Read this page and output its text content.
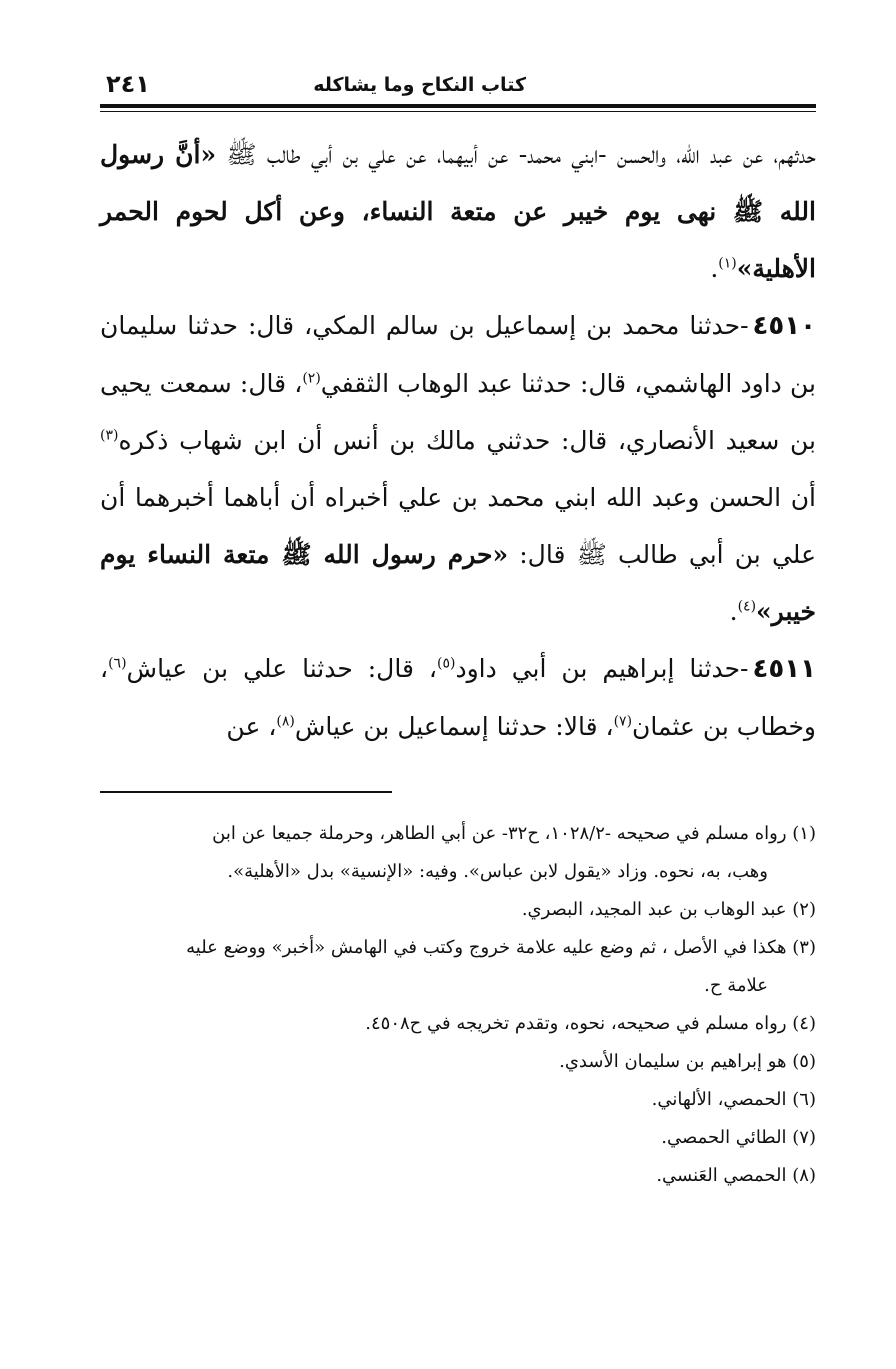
كتاب النكاح وما يشاكله
٢٤١

حدثهم، عن عبد الله، والحسن -ابني محمد- عن أبيهما، عن علي بن أبي طالب ﷺ «أنَّ رسول الله ﷺ نهى يوم خيبر عن متعة النساء، وعن أكل لحوم الحمر الأهلية»$^{(١)}$.

٤٥١٠-حدثنا محمد بن إسماعيل بن سالم المكي، قال: حدثنا سليمان بن داود الهاشمي، قال: حدثنا عبد الوهاب الثقفي$^{(٢)}$، قال: سمعت يحيى بن سعيد الأنصاري، قال: حدثني مالك بن أنس أن ابن شهاب ذكره$^{(٣)}$ أن الحسن وعبد الله ابني محمد بن علي أخبراه أن أباهما أخبرهما أن علي بن أبي طالب ﷺ قال: «حرم رسول الله ﷺ متعة النساء يوم خيبر»$^{(٤)}$.

٤٥١١-حدثنا إبراهيم بن أبي داود$^{(٥)}$، قال: حدثنا علي بن عياش$^{(٦)}$، وخطاب بن عثمان$^{(٧)}$، قالا: حدثنا إسماعيل بن عياش$^{(٨)}$، عن

(١) رواه مسلم في صحيحه -١٠٢٨/٢، ح٣٢- عن أبي الطاهر، وحرملة جميعا عن ابن

وهب، به، نحوه. وزاد «يقول لابن عباس». وفيه: «الإنسية» بدل «الأهلية».

(٢) عبد الوهاب بن عبد المجيد، البصري.

(٣) هكذا في الأصل ، ثم وضع عليه علامة خروج وكتب في الهامش «أخبر» ووضع عليه

علامة ح.

(٤) رواه مسلم في صحيحه، نحوه، وتقدم تخريجه في ح٤٥٠٨.

(٥) هو إبراهيم بن سليمان الأسدي.

(٦) الحمصي، الألهاني.

(٧) الطائي الحمصي.

(٨) الحمصي العَنسي.
